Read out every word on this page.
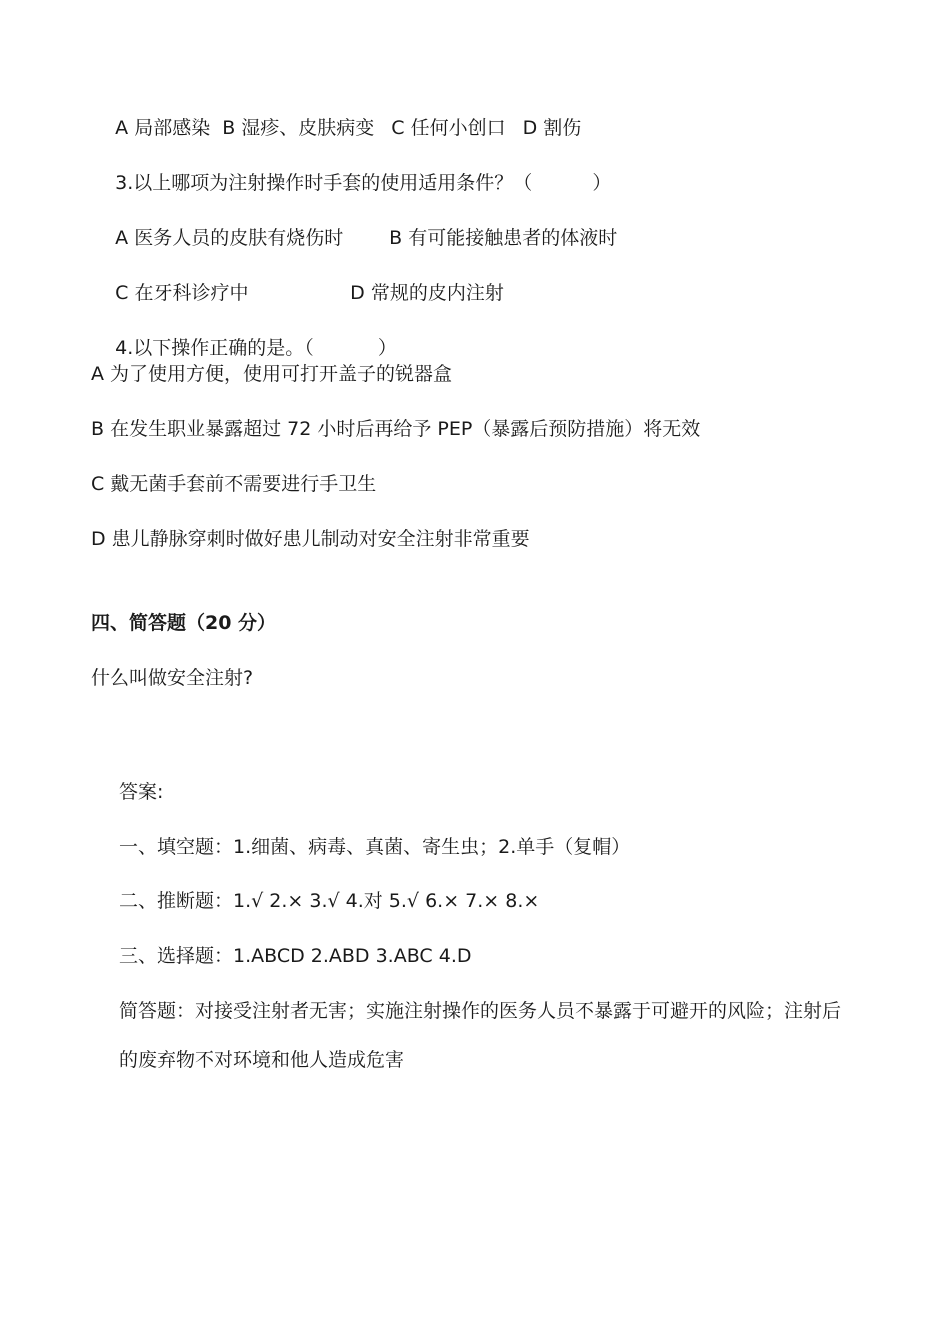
A 局部感染 B 湿疹、皮肤病变 C 任何小创口 D 割伤

3.以上哪项为注射操作时手套的使用适用条件？（	）

A 医务人员的皮肤有烧伤时
	B 有可能接触患者的体液时

C 在牙科诊疗中
	D 常规的皮内注射

4.以下操作正确的是。（	）

A 为了使用方便，使用可打开盖子的锐器盒
B 在发生职业暴露超过 72 小时后再给予 PEP（暴露后预防措施）将无效
C 戴无菌手套前不需要进行手卫生
D 患儿静脉穿刺时做好患儿制动对安全注射非常重要
四、简答题（20 分）
什么叫做安全注射?
答案:
一、填空题：1.细菌、病毒、真菌、寄生虫；2.单手（复帽）
二、推断题：1.√ 2.× 3.√ 4.对 5.√ 6.× 7.× 8.×
三、选择题：1.ABCD 2.ABD 3.ABC 4.D
简答题：对接受注射者无害；实施注射操作的医务人员不暴露于可避开的风险；注射后
的废弃物不对环境和他人造成危害
